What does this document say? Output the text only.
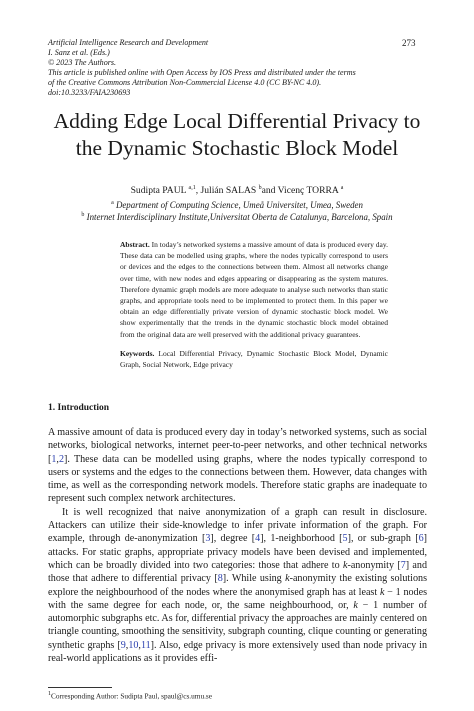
Artificial Intelligence Research and Development
I. Sanz et al. (Eds.)
© 2023 The Authors.
This article is published online with Open Access by IOS Press and distributed under the terms
of the Creative Commons Attribution Non-Commercial License 4.0 (CC BY-NC 4.0).
doi:10.3233/FAIA230693
273
Adding Edge Local Differential Privacy to
the Dynamic Stochastic Block Model
Sudipta PAUL $^{a,1}$, Julián SALAS $^b$and Vicenç TORRA $^a$
$^a$ Department of Computing Science, Umeå Universitet, Umea, Sweden
$^b$ Internet Interdisciplinary Institute,Universitat Oberta de Catalunya, Barcelona, Spain
Abstract. In today’s networked systems a massive amount of data is produced every day. These data can be modelled using graphs, where the nodes typically correspond to users or devices and the edges to the connections between them. Almost all networks change over time, with new nodes and edges appearing or disappearing as the system matures. Therefore dynamic graph models are more adequate to analyse such networks than static graphs, and appropriate tools need to be implemented to protect them. In this paper we obtain an edge differentially private version of dynamic stochastic block model. We show experimentally that the trends in the dynamic stochastic block model obtained from the original data are well preserved with the additional privacy guarantees.
Keywords. Local Differential Privacy, Dynamic Stochastic Block Model, Dynamic Graph, Social Network, Edge privacy
1. Introduction

A massive amount of data is produced every day in today’s networked systems, such as social networks, biological networks, internet peer-to-peer networks, and other technical networks [1,2]. These data can be modelled using graphs, where the nodes typically correspond to users or systems and the edges to the connections between them. However, data changes with time, as well as the corresponding network models. Therefore static graphs are inadequate to represent such complex network architectures.

It is well recognized that naive anonymization of a graph can result in disclosure. Attackers can utilize their side-knowledge to infer private information of the graph. For example, through de-anonymization [3], degree [4], 1-neighborhood [5], or sub-graph [6] attacks. For static graphs, appropriate privacy models have been devised and implemented, which can be broadly divided into two categories: those that adhere to k-anonymity [7] and those that adhere to differential privacy [8]. While using k-anonymity the existing solutions explore the neighbourhood of the nodes where the anonymised graph has at least k − 1 nodes with the same degree for each node, or, the same neighbourhood, or, k − 1 number of automorphic subgraphs etc. As for, differential privacy the approaches are mainly centered on triangle counting, smoothing the sensitivity, subgraph counting, clique counting or generating synthetic graphs [9,10,11]. Also, edge privacy is more extensively used than node privacy in real-world applications as it provides effi-

$^1$Corresponding Author: Sudipta Paul, spaul@cs.umu.se
